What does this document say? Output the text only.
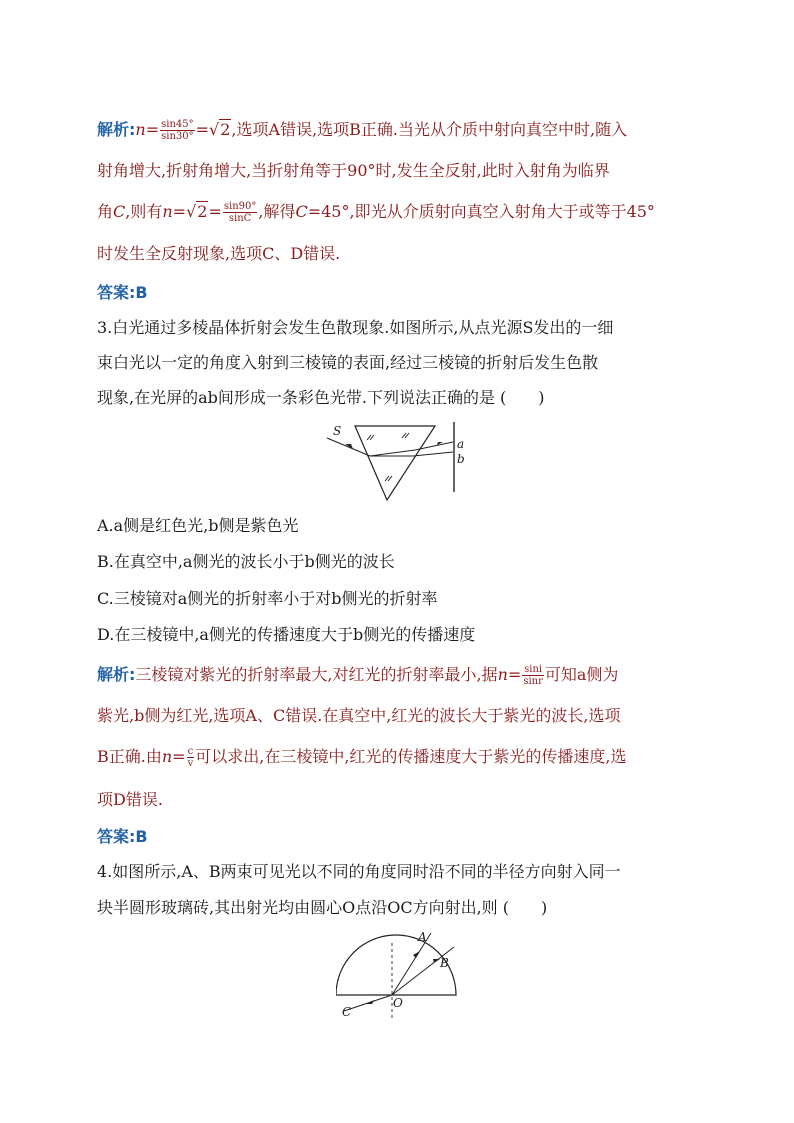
解析:n= $\frac{\sin 45^\circ}{\sin 30^\circ} =√2$,选项A错误,选项B正确.当光从介质中射向真空中时,随入
射角增大,折射角增大,当折射角等于90°时,发生全反射,此时入射角为临界
角C,则有$n=√2= \frac{\sin 90^\circ}{\sin C}$ ,解得C=45°,即光从介质射向真空入射角大于或等于45°
时发生全反射现象,选项C、D错误.
答案:B
3.白光通过多棱晶体折射会发生色散现象.如图所示,从点光源S发出的一细
束白光以一定的角度入射到三棱镜的表面,经过三棱镜的折射后发生色散
现象,在光屏的ab间形成一条彩色光带.下列说法正确的是 (　　)
S
a
b
A.a侧是红色光,b侧是紫色光
B.在真空中,a侧光的波长小于b侧光的波长
C.三棱镜对a侧光的折射率小于对b侧光的折射率
D.在三棱镜中,a侧光的传播速度大于b侧光的传播速度
解析:三棱镜对紫光的折射率最大,对红光的折射率最小,据$n= \frac{\sin i}{\sin r}$ 可知a侧为
紫光,b侧为红光,选项A、C错误.在真空中,红光的波长大于紫光的波长,选项
B正确.由$n= \frac{c}{v}$ 可以求出,在三棱镜中,红光的传播速度大于紫光的传播速度,选
项D错误.
答案:B
4.如图所示,A、B两束可见光以不同的角度同时沿不同的半径方向射入同一
块半圆形玻璃砖,其出射光均由圆心O点沿OC方向射出,则 (　　)
A
B
C
O
